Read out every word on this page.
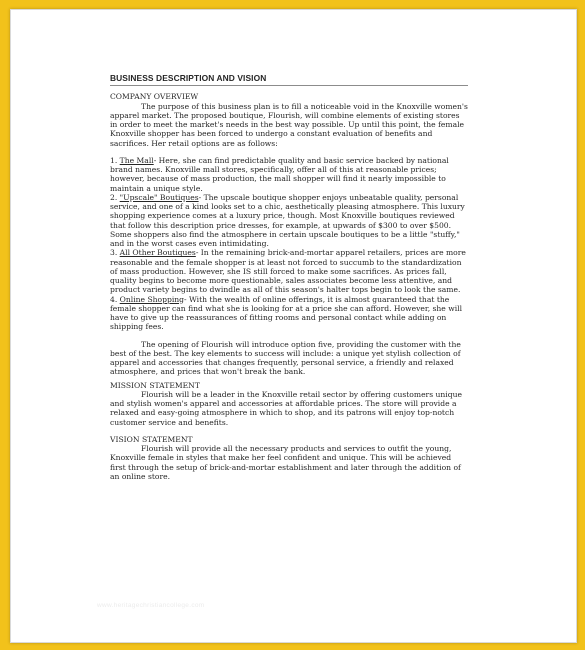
BUSINESS DESCRIPTION AND VISION

COMPANY OVERVIEW

The purpose of this business plan is to fill a noticeable void in the Knoxville women's apparel market. The proposed boutique, Flourish, will combine elements of existing stores in order to meet the market's needs in the best way possible. Up until this point, the female Knoxville shopper has been forced to undergo a constant evaluation of benefits and sacrifices. Her retail options are as follows:

1. The Mall- Here, she can find predictable quality and basic service backed by national brand names. Knoxville mall stores, specifically, offer all of this at reasonable prices; however, because of mass production, the mall shopper will find it nearly impossible to maintain a unique style.

2. "Upscale" Boutiques- The upscale boutique shopper enjoys unbeatable quality, personal service, and one of a kind looks set to a chic, aesthetically pleasing atmosphere. This luxury shopping experience comes at a luxury price, though. Most Knoxville boutiques reviewed that follow this description price dresses, for example, at upwards of $300 to over $500. Some shoppers also find the atmosphere in certain upscale boutiques to be a little "stuffy," and in the worst cases even intimidating.

3. All Other Boutiques- In the remaining brick-and-mortar apparel retailers, prices are more reasonable and the female shopper is at least not forced to succumb to the standardization of mass production. However, she IS still forced to make some sacrifices. As prices fall, quality begins to become more questionable, sales associates become less attentive, and product variety begins to dwindle as all of this season's halter tops begin to look the same.

4. Online Shopping- With the wealth of online offerings, it is almost guaranteed that the female shopper can find what she is looking for at a price she can afford. However, she will have to give up the reassurances of fitting rooms and personal contact while adding on shipping fees.

The opening of Flourish will introduce option five, providing the customer with the best of the best. The key elements to success will include: a unique yet stylish collection of apparel and accessories that changes frequently, personal service, a friendly and relaxed atmosphere, and prices that won't break the bank.

MISSION STATEMENT

Flourish will be a leader in the Knoxville retail sector by offering customers unique and stylish women's apparel and accessories at affordable prices. The store will provide a relaxed and easy-going atmosphere in which to shop, and its patrons will enjoy top-notch customer service and benefits.

VISION STATEMENT

Flourish will provide all the necessary products and services to outfit the young, Knoxville female in styles that make her feel confident and unique. This will be achieved first through the setup of brick-and-mortar establishment and later through the addition of an online store.

www.heritagechristiancollege.com
